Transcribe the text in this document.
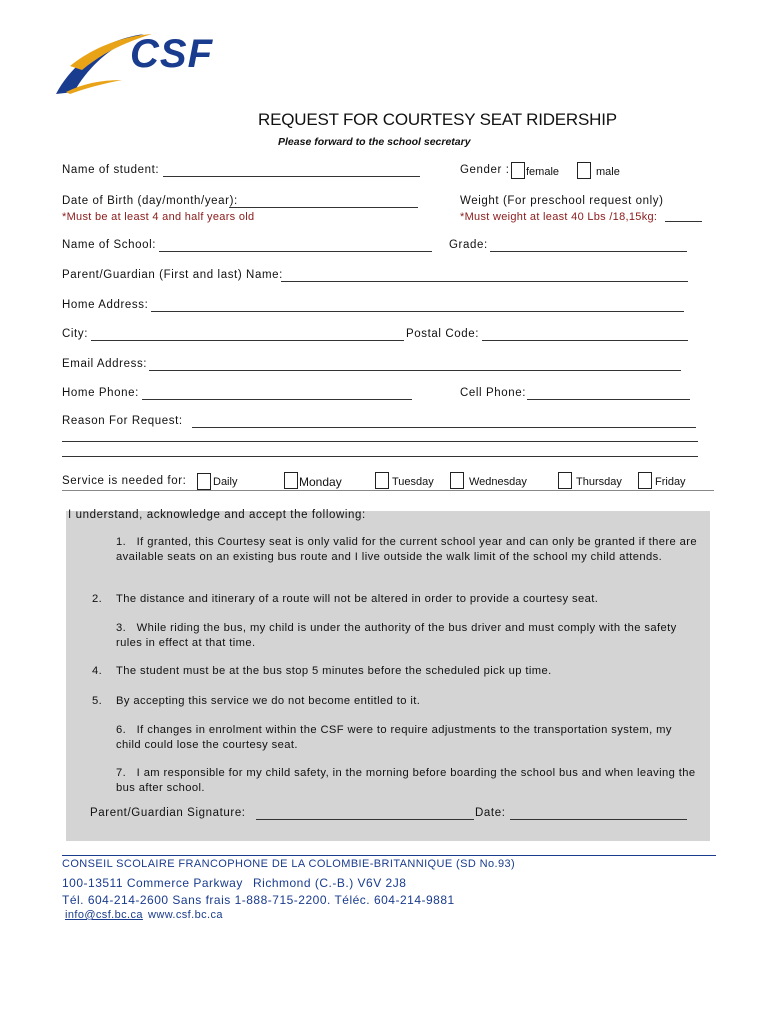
CSF
REQUEST FOR COURTESY SEAT RIDERSHIP
Please forward to the school secretary
Name of student:	Gender : female	male
Date of Birth (day/month/year):
*Must be at least 4 and half years old
Weight (For preschool request only)
*Must weight at least 40 Lbs /18,15kg:
Name of School:	Grade:
Parent/Guardian (First and last) Name:
Home Address:
City:	Postal Code:
Email Address:
Home Phone:	Cell Phone:
Reason For Request:
Service is needed for: Daily	Monday	Tuesday	Wednesday	Thursday	Friday
I understand, acknowledge and accept the following:
1. If granted, this Courtesy seat is only valid for the current school year and can only be granted if there are available seats on an existing bus route and I live outside the walk limit of the school my child attends.
2. The distance and itinerary of a route will not be altered in order to provide a courtesy seat.
3. While riding the bus, my child is under the authority of the bus driver and must comply with the safety rules in effect at that time.
4. The student must be at the bus stop 5 minutes before the scheduled pick up time.
5. By accepting this service we do not become entitled to it.
6. If changes in enrolment within the CSF were to require adjustments to the transportation system, my child could lose the courtesy seat.
7. I am responsible for my child safety, in the morning before boarding the school bus and when leaving the bus after school.
Parent/Guardian Signature:	Date:
CONSEIL SCOLAIRE FRANCOPHONE DE LA COLOMBIE-BRITANNIQUE (SD No.93)
100-13511 Commerce Parkway Richmond (C.-B.) V6V 2J8
Tél. 604-214-2600 Sans frais 1-888-715-2200. Téléc. 604-214-9881
info@csf.bc.ca www.csf.bc.ca
